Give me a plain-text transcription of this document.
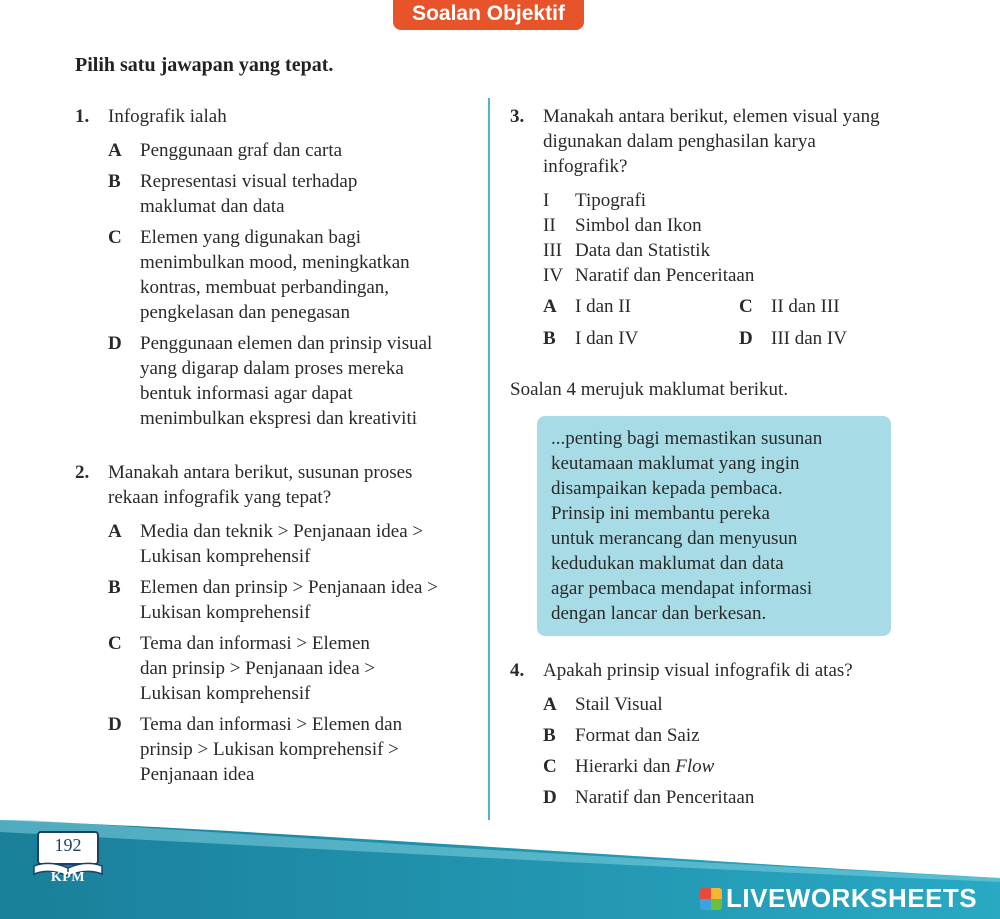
Soalan Objektif
Pilih satu jawapan yang tepat.
1. Infografik ialah
A Penggunaan graf dan carta
B	Representasi visual terhadap maklumat dan data
C Elemen yang digunakan bagi menimbulkan mood, meningkatkan kontras, membuat perbandingan, pengkelasan dan penegasan
D Penggunaan elemen dan prinsip visual yang digarap dalam proses mereka bentuk informasi agar dapat menimbulkan ekspresi dan kreativiti
2. Manakah antara berikut, susunan proses rekaan infografik yang tepat?
A Media dan teknik > Penjanaan idea > Lukisan komprehensif
B	Elemen dan prinsip > Penjanaan idea > Lukisan komprehensif
C Tema dan informasi > Elemen dan prinsip > Penjanaan idea > Lukisan komprehensif
D Tema dan informasi > Elemen dan prinsip > Lukisan komprehensif > Penjanaan idea
3. Manakah antara berikut, elemen visual yang digunakan dalam penghasilan karya infografik?
I	Tipografi
II	Simbol dan Ikon
III Data dan Statistik
IV Naratif dan Penceritaan
A I dan II	C II dan III
B	I dan IV	D III dan IV
Soalan 4 merujuk maklumat berikut.

...penting bagi memastikan susunan

keutamaan maklumat yang ingin

disampaikan kepada pembaca.

Prinsip ini membantu pereka

untuk merancang dan menyusun

kedudukan maklumat dan data

agar pembaca mendapat informasi

dengan lancar dan berkesan.

4. Apakah prinsip visual infografik di atas?
A Stail Visual
B	Format dan Saiz
C Hierarki dan Flow
D Naratif dan Penceritaan
192
KPM
LIVEWORKSHEETS
